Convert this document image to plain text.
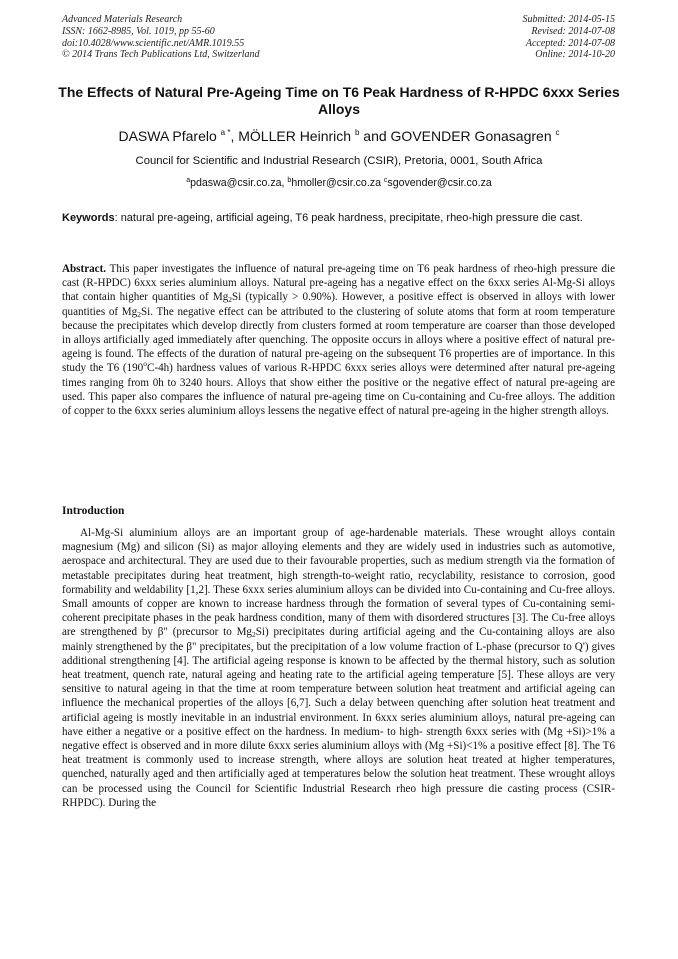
Advanced Materials Research
ISSN: 1662-8985, Vol. 1019, pp 55-60
doi:10.4028/www.scientific.net/AMR.1019.55
© 2014 Trans Tech Publications Ltd, Switzerland
Submitted: 2014-05-15
Revised: 2014-07-08
Accepted: 2014-07-08
Online: 2014-10-20
The Effects of Natural Pre-Ageing Time on T6 Peak Hardness of R-HPDC 6xxx Series Alloys
DASWA Pfarelo $^{a *}$, MÖLLER Heinrich $^b$ and GOVENDER Gonasagren $^c$
Council for Scientific and Industrial Research (CSIR), Pretoria, 0001, South Africa
$^a$pdaswa@csir.co.za, $^b$hmoller@csir.co.za $^c$sgovender@csir.co.za
Keywords: natural pre-ageing, artificial ageing, T6 peak hardness, precipitate, rheo-high pressure die cast.
Abstract. This paper investigates the influence of natural pre-ageing time on T6 peak hardness of rheo-high pressure die cast (R-HPDC) 6xxx series aluminium alloys. Natural pre-ageing has a negative effect on the 6xxx series Al-Mg-Si alloys that contain higher quantities of $Mg_2Si$ (typically > 0.90%). However, a positive effect is observed in alloys with lower quantities of $Mg_2Si$. The negative effect can be attributed to the clustering of solute atoms that form at room temperature because the precipitates which develop directly from clusters formed at room temperature are coarser than those developed in alloys artificially aged immediately after quenching. The opposite occurs in alloys where a positive effect of natural pre-ageing is found. The effects of the duration of natural pre-ageing on the subsequent T6 properties are of importance. In this study the T6 (190$^o$C-4h) hardness values of various R-HPDC 6xxx series alloys were determined after natural pre-ageing times ranging from 0h to 3240 hours. Alloys that show either the positive or the negative effect of natural pre-ageing are used. This paper also compares the influence of natural pre-ageing time on Cu-containing and Cu-free alloys. The addition of copper to the 6xxx series aluminium alloys lessens the negative effect of natural pre-ageing in the higher strength alloys.
Introduction

Al-Mg-Si aluminium alloys are an important group of age-hardenable materials. These wrought alloys contain magnesium (Mg) and silicon (Si) as major alloying elements and they are widely used in industries such as automotive, aerospace and architectural. They are used due to their favourable properties, such as medium strength via the formation of metastable precipitates during heat treatment, high strength-to-weight ratio, recyclability, resistance to corrosion, good formability and weldability [1,2]. These 6xxx series aluminium alloys can be divided into Cu-containing and Cu-free alloys. Small amounts of copper are known to increase hardness through the formation of several types of Cu-containing semi-coherent precipitate phases in the peak hardness condition, many of them with disordered structures [3]. The Cu-free alloys are strengthened by β" (precursor to $Mg_2Si$) precipitates during artificial ageing and the Cu-containing alloys are also mainly strengthened by the β" precipitates, but the precipitation of a low volume fraction of L-phase (precursor to Q') gives additional strengthening [4]. The artificial ageing response is known to be affected by the thermal history, such as solution heat treatment, quench rate, natural ageing and heating rate to the artificial ageing temperature [5]. These alloys are very sensitive to natural ageing in that the time at room temperature between solution heat treatment and artificial ageing can influence the mechanical properties of the alloys [6,7]. Such a delay between quenching after solution heat treatment and artificial ageing is mostly inevitable in an industrial environment. In 6xxx series aluminium alloys, natural pre-ageing can have either a negative or a positive effect on the hardness. In medium- to high- strength 6xxx series with (Mg +Si)>1% a negative effect is observed and in more dilute 6xxx series aluminium alloys with (Mg +Si)<1% a positive effect [8]. The T6 heat treatment is commonly used to increase strength, where alloys are solution heat treated at higher temperatures, quenched, naturally aged and then artificially aged at temperatures below the solution heat treatment. These wrought alloys can be processed using the Council for Scientific Industrial Research rheo high pressure die casting process (CSIR-RHPDC). During the
